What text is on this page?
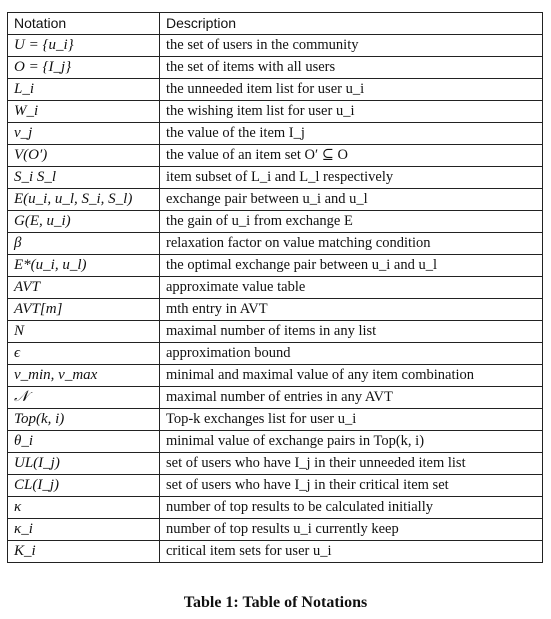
Notation	Description
U = {u_i}	the set of users in the community
O = {I_j}	the set of items with all users
L_i	the unneeded item list for user u_i
W_i	the wishing item list for user u_i
v_j	the value of the item I_j
V(O′)	the value of an item set O′ ⊆ O
S_i S_l	item subset of L_i and L_l respectively
E(u_i, u_l, S_i, S_l)	exchange pair between u_i and u_l
G(E, u_i)	the gain of u_i from exchange E
β	relaxation factor on value matching condition
E*(u_i, u_l)	the optimal exchange pair between u_i and u_l
AVT	approximate value table
AVT[m]	mth entry in AVT
N	maximal number of items in any list
ϵ	approximation bound
v_min, v_max	minimal and maximal value of any item combination
𝒩	maximal number of entries in any AVT
Top(k, i)	Top-k exchanges list for user u_i
θ_i	minimal value of exchange pairs in Top(k, i)
UL(I_j)	set of users who have I_j in their unneeded item list
CL(I_j)	set of users who have I_j in their critical item set
κ	number of top results to be calculated initially
κ_i	number of top results u_i currently keep
K_i	critical item sets for user u_i
Table 1: Table of Notations
